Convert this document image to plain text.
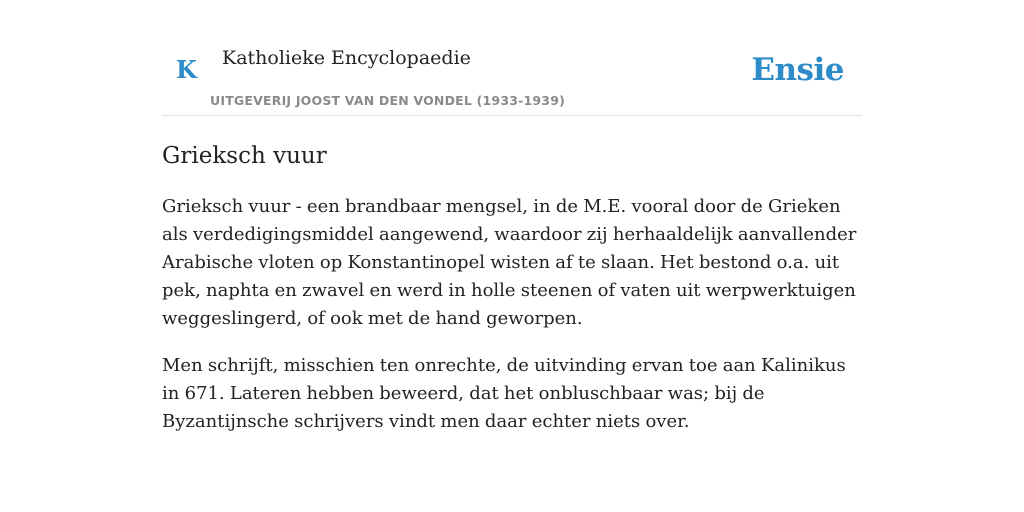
K Katholieke Encyclopaedie
UITGEVERIJ JOOST VAN DEN VONDEL (1933-1939)
Ensie
Grieksch vuur

Grieksch vuur - een brandbaar mengsel, in de M.E. vooral door de Grieken als verdedigingsmiddel aangewend, waardoor zij herhaaldelijk aanvallender Arabische vloten op Konstantinopel wisten af te slaan. Het bestond o.a. uit pek, naphta en zwavel en werd in holle steenen of vaten uit werpwerktuigen weggeslingerd, of ook met de hand geworpen.

Men schrijft, misschien ten onrechte, de uitvinding ervan toe aan Kalinikus in 671. Lateren hebben beweerd, dat het onbluschbaar was; bij de Byzantijnsche schrijvers vindt men daar echter niets over.
